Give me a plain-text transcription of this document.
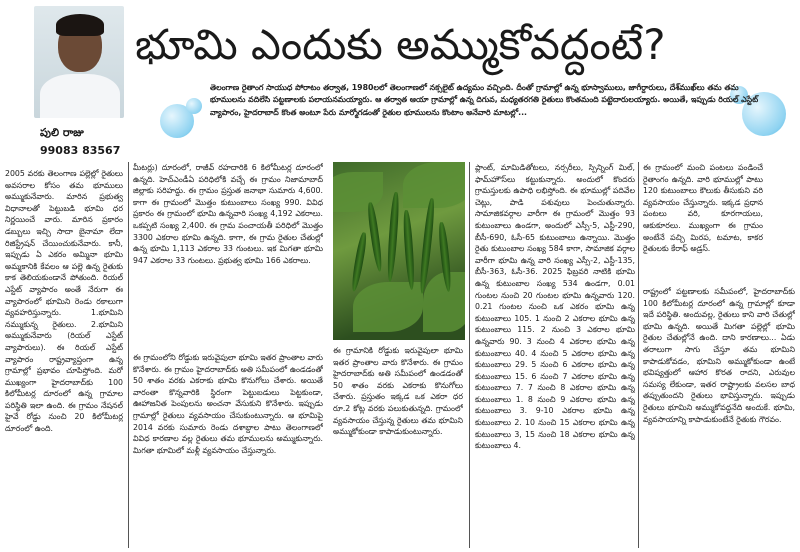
పులి రాజు
99083 83567
భూమి ఎందుకు అమ్ముకోవద్దంటే?
తెలంగాణ రైతాంగ సాయుధ పోరాటం తర్వాత, 1980లలో తెలంగాణలో నక్సలైట్ ఉద్యమం వచ్చింది. దీంతో గ్రామాల్లో ఉన్న భూస్వాములు, జాగీర్దారులు, దేశ్‌ముఖ్‌లు తమ తమ భూములను వదిలేసి పట్టణాలకు పలాయనమయ్యారు. ఆ తర్వాత ఆయా గ్రామాల్లో ఉన్న దిగువ, మధ్యతరగతి రైతులు కొంతమంది పట్టెదారులయ్యారు. అయితే, ఇప్పుడు రియల్ ఎస్టేట్ వ్యాపారం, హైదరాబాద్ కొంత అంటూ పేరు మార్మోగడంతో రైతుల భూములను కొంటాం అనేవారి మాటల్లో...
2005 వరకు తెలంగాణ పల్లెల్లో రైతులు అవసరాల కోసం తమ భూములు అమ్ముకునేవారు. మారిన ప్రభుత్వ విధానాలతో పెట్టుబడి భూమి ధర నిర్ణయించే వారు. మారిన ప్రకారం డబ్బులు ఇచ్చి సాదా బైనామా లేదా రిజిస్ట్రేషన్ చేయించుకునేవారు. కానీ, ఇప్పుడు ఏ ఎకరం అమ్మినా భూమి అమ్మకానికి కేవలం ఆ పల్లె ఉన్న రైతుకు కాక తెలియకుండానే పోతుంది. రియల్ ఎస్టేట్ వ్యాపారం అంతే నేరుగా ఈ వ్యాపారంలో భూమిని రెండు రకాలుగా వ్యవహరిస్తున్నారు. 1.భూమిని నమ్ముకున్న రైతులు. 2.భూమిని అమ్ముకునేవారు (రియల్ ఎస్టేట్ వ్యాపారులు). ఈ రియల్ ఎస్టేట్ వ్యాపారం రాష్ట్రవ్యాప్తంగా ఉన్న గ్రామాల్లో ప్రభావం చూపిస్తోంది. మరో ముఖ్యంగా హైదరాబాద్‌కు 100 కిలోమీటర్ల దూరంలో ఉన్న గ్రామాల పరిస్థితి ఇలా ఉంది. ఈ గ్రామం నేషనల్ హైవే రోడ్డు నుంచి 20 కిలోమీటర్ల దూరంలో ఉంది.
మీటర్లు) దూరంలో, రాజీవ్ రహదారికి 6 కిలోమీటర్ల దూరంలో ఉన్నది. హెచ్ఎండీఏ పరిధిలోకి వచ్చే ఈ గ్రామం నిజామాబాద్ జిల్లాకు సరిహద్దు. ఈ గ్రామం ప్రస్తుత జనాభా సుమారు 4,600. కాగా ఈ గ్రామంలో మొత్తం కుటుంబాలు సంఖ్య 990. వివిధ ప్రకారం ఈ గ్రామంలో భూమి ఉన్నవారి సంఖ్య 4,192 ఎకరాలు. ఒకప్పటి సంఖ్య 2,400. ఈ గ్రామ పంచాయతీ పరిధిలో మొత్తం 3300 ఎకరాల భూమి ఉన్నది. కాగా, ఈ గ్రామ రైతుల చేతుల్లో ఉన్న భూమి 1,113 ఎకరాల 33 గుంటలు. ఇక మిగతా భూమి 947 ఎకరాల 33 గుంటలు. ప్రభుత్వ భూమి 166 ఎకరాలు.
ఈ గ్రామంలోని రోడ్డుకు ఇరువైపులా భూమి ఇతర ప్రాంతాల వారు కొనేశారు. ఈ గ్రామం హైదరాబాద్‌కు అతి సమీపంలో ఉండడంతో 50 శాతం వరకు ఎకరాకు భూమి కొనుగోలు చేశారు. అయితే వారంతా కొన్నవారికి స్థిరంగా పెట్టుబడులు పెట్టకుండా, ఊహాజనిత పెంపులను అంచనా వేసుకుని కొనేశారు. ఇప్పుడు గ్రామాల్లో రైతులు వ్యవసాయం చేసుకుంటున్నారు. ఆ భూమిపై 2014 వరకు సుమారు రెండు దశాబ్దాల పాటు తెలంగాణలో వివిధ కారణాల వల్ల రైతులు తమ భూములను అమ్ముకున్నారు. మిగతా భూమిలో మళ్లీ వ్యవసాయం చేస్తున్నారు.
ఈ గ్రామానికి రోడ్డుకు ఇరువైపులా భూమి ఇతర ప్రాంతాల వారు కొనేశారు. ఈ గ్రామం హైదరాబాద్‌కు అతి సమీపంలో ఉండడంతో 50 శాతం వరకు ఎకరాకు కొనుగోలు చేశారు. ప్రస్తుతం ఇక్కడ ఒక ఎకరా ధర రూ.2 కోట్ల వరకు పలుకుతున్నది. గ్రామంలో వ్యవసాయం చేస్తున్న రైతులు తమ భూమిని అమ్ముకోకుండా కాపాడుకుంటున్నారు.
ప్లాంట్, మామిడితోటలు, నర్సరీలు, స్పిన్నింగ్ మిల్, ఫామ్‌హౌస్‌లు కట్టుకున్నారు. అందులో కొందరు గ్రామస్తులకు ఉపాధి లభిస్తోంది. ఈ భూముల్లో పదివేల చెట్లు, పాడి పశువులు పెంచుతున్నారు. సామాజికవర్గాల వారీగా ఈ గ్రామంలో మొత్తం 93 కుటుంబాలు ఉండగా, అందులో ఎస్సీ-5, ఎస్టీ-290, బీసీ-690, ఓసీ-65 కుటుంబాలు ఉన్నాయి. మొత్తం రైతు కుటుంబాల సంఖ్య 584 కాగా, సామాజిక వర్గాల వారీగా భూమి ఉన్న వారి సంఖ్య ఎస్సీ-2, ఎస్టీ-135, బీసీ-363, ఓసీ-36. 2025 ఫిబ్రవరి నాటికి భూమి ఉన్న కుటుంబాల సంఖ్య 534 ఉండగా, 0.01 గుంటల నుంచి 20 గుంటల భూమి ఉన్నవారు 120. 0.21 గుంటల నుంచి ఒక ఎకరం భూమి ఉన్న కుటుంబాలు 105. 1 నుంచి 2 ఎకరాల భూమి ఉన్న కుటుంబాలు 115. 2 నుంచి 3 ఎకరాల భూమి ఉన్నవారు 90. 3 నుంచి 4 ఎకరాల భూమి ఉన్న కుటుంబాలు 40. 4 నుంచి 5 ఎకరాల భూమి ఉన్న కుటుంబాలు 29. 5 నుంచి 6 ఎకరాల భూమి ఉన్న కుటుంబాలు 15. 6 నుంచి 7 ఎకరాల భూమి ఉన్న కుటుంబాలు 7. 7 నుంచి 8 ఎకరాల భూమి ఉన్న కుటుంబాలు 1. 8 నుంచి 9 ఎకరాల భూమి ఉన్న కుటుంబాలు 3. 9-10 ఎకరాల భూమి ఉన్న కుటుంబాలు 2. 10 నుంచి 15 ఎకరాల భూమి ఉన్న కుటుంబాలు 3, 15 నుంచి 18 ఎకరాల భూమి ఉన్న కుటుంబాలు 4.
ఈ గ్రామంలో మంచి పంటలు పండించే రైతాంగం ఉన్నది. వారి భూముల్లో పాటు 120 కుటుంబాలు కౌలుకు తీసుకుని వరి వ్యవసాయం చేస్తున్నారు. ఇక్కడ ప్రధాన పంటలు వరి, కూరగాయలు, ఆకుకూరలు. ముఖ్యంగా ఈ గ్రామం అంటేనే పచ్చి మిరప, టమాట, కాకర రైతులకు కేరాఫ్ అడ్రస్.
రాష్ట్రంలో పట్టణాలకు సమీపంలో, హైదరాబాద్‌కు 100 కిలోమీటర్ల దూరంలో ఉన్న గ్రామాల్లో కూడా ఇదే పరిస్థితి. అందువల్ల, రైతులు కాని వారి చేతుల్లో భూమి ఉన్నది. అయితే మిగతా పల్లెల్లో భూమి రైతుల చేతుల్లోనే ఉంది. దాని కారణాలు... ఏడు తరాలుగా సాగు చేస్తూ తమ భూమిని కాపాడుకోవడం, భూమిని అమ్ముకోకుండా ఉంటే భవిష్యత్తులో ఆహార కొరత రాదని, ఎరువుల సమస్య లేకుండా, ఇతర రాష్ట్రాలకు వలసల బాధ తప్పుతుందని రైతులు భావిస్తున్నారు. ఇప్పుడు రైతులు భూమిని అమ్ముకోవద్దనేది అందుకే. భూమి, వ్యవసాయాన్ని కాపాడుకుంటేనే రైతుకు గౌరవం.
